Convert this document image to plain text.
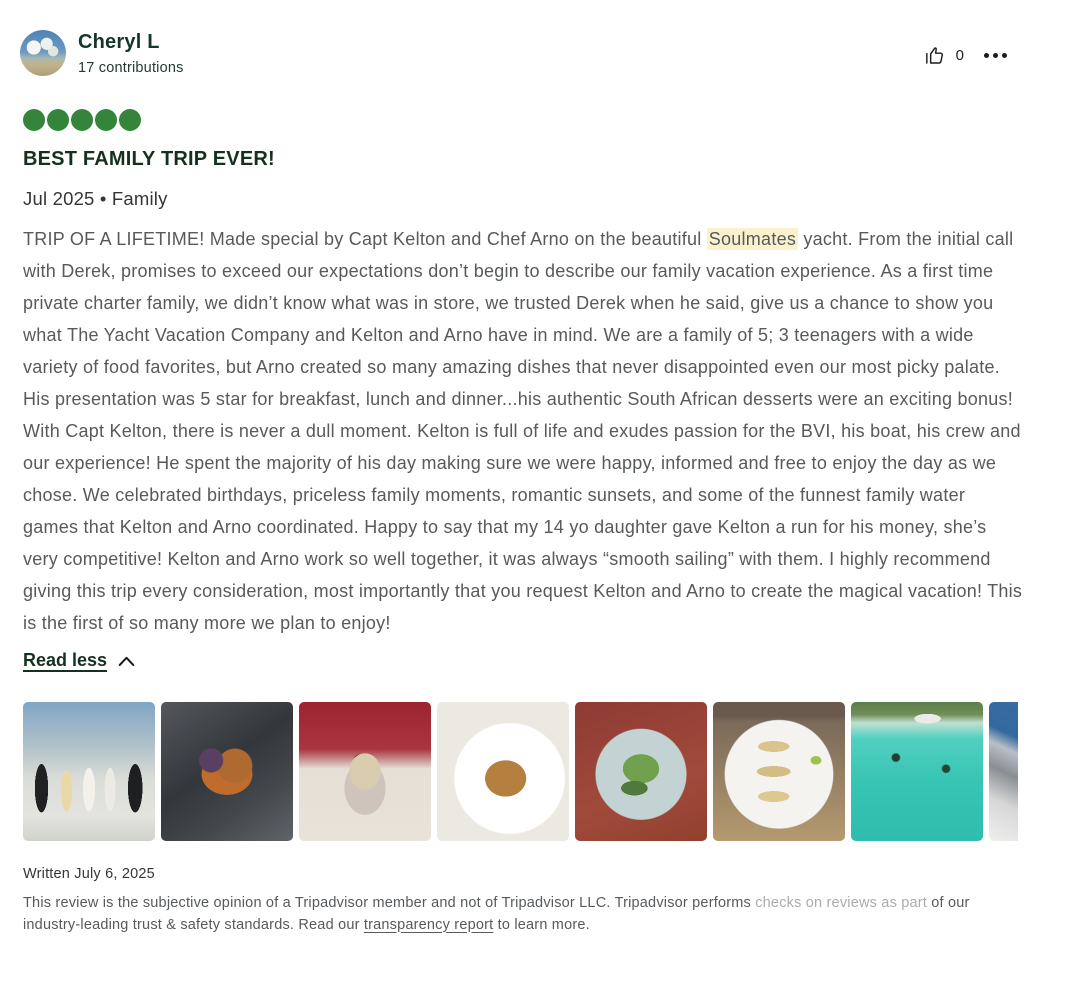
Cheryl L
17 contributions
0
BEST FAMILY TRIP EVER!
Jul 2025 • Family

TRIP OF A LIFETIME! Made special by Capt Kelton and Chef Arno on the beautiful Soulmates yacht. From the initial call with Derek, promises to exceed our expectations don’t begin to describe our family vacation experience. As a first time private charter family, we didn’t know what was in store, we trusted Derek when he said, give us a chance to show you what The Yacht Vacation Company and Kelton and Arno have in mind. We are a family of 5; 3 teenagers with a wide variety of food favorites, but Arno created so many amazing dishes that never disappointed even our most picky palate. His presentation was 5 star for breakfast, lunch and dinner...his authentic South African desserts were an exciting bonus! With Capt Kelton, there is never a dull moment. Kelton is full of life and exudes passion for the BVI, his boat, his crew and our experience! He spent the majority of his day making sure we were happy, informed and free to enjoy the day as we chose. We celebrated birthdays, priceless family moments, romantic sunsets, and some of the funnest family water games that Kelton and Arno coordinated. Happy to say that my 14 yo daughter gave Kelton a run for his money, she’s very competitive! Kelton and Arno work so well together, it was always “smooth sailing” with them. I highly recommend giving this trip every consideration, most importantly that you request Kelton and Arno to create the magical vacation! This is the first of so many more we plan to enjoy!

Read less
Written July 6, 2025

This review is the subjective opinion of a Tripadvisor member and not of Tripadvisor LLC. Tripadvisor performs checks on reviews as part of our industry-leading trust & safety standards. Read our transparency report to learn more.
